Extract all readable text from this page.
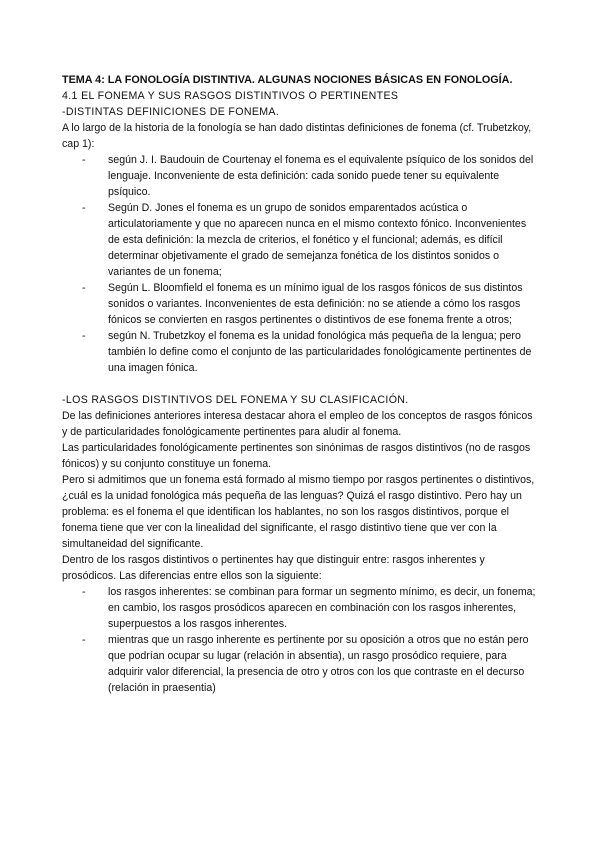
TEMA 4: LA FONOLOGÍA DISTINTIVA. ALGUNAS NOCIONES BÁSICAS EN FONOLOGÍA.

4.1 EL FONEMA Y SUS RASGOS DISTINTIVOS O PERTINENTES

-DISTINTAS DEFINICIONES DE FONEMA.

A lo largo de la historia de la fonología se han dado distintas definiciones de fonema (cf. Trubetzkoy, cap 1):

- según J. I. Baudouin de Courtenay el fonema es el equivalente psíquico de los sonidos del lenguaje. Inconveniente de esta definición: cada sonido puede tener su equivalente psíquico.
- Según D. Jones el fonema es un grupo de sonidos emparentados acústica o articulatoriamente y que no aparecen nunca en el mismo contexto fónico. Inconvenientes de esta definición: la mezcla de criterios, el fonético y el funcional; además, es difícil determinar objetivamente el grado de semejanza fonética de los distintos sonidos o variantes de un fonema;
- Según L. Bloomfield el fonema es un mínimo igual de los rasgos fónicos de sus distintos sonidos o variantes. Inconvenientes de esta definición: no se atiende a cómo los rasgos fónicos se convierten en rasgos pertinentes o distintivos de ese fonema frente a otros;
- según N. Trubetzkoy el fonema es la unidad fonológica más pequeña de la lengua; pero también lo define como el conjunto de las particularidades fonológicamente pertinentes de una imagen fónica.

-LOS RASGOS DISTINTIVOS DEL FONEMA Y SU CLASIFICACIÓN.

De las definiciones anteriores interesa destacar ahora el empleo de los conceptos de rasgos fónicos y de particularidades fonológicamente pertinentes para aludir al fonema.

Las particularidades fonológicamente pertinentes son sinónimas de rasgos distintivos (no de rasgos fónicos) y su conjunto constituye un fonema.

Pero si admitimos que un fonema está formado al mismo tiempo por rasgos pertinentes o distintivos, ¿cuál es la unidad fonológica más pequeña de las lenguas? Quizá el rasgo distintivo. Pero hay un problema: es el fonema el que identifican los hablantes, no son los rasgos distintivos, porque el fonema tiene que ver con la linealidad del significante, el rasgo distintivo tiene que ver con la simultaneidad del significante.

Dentro de los rasgos distintivos o pertinentes hay que distinguir entre: rasgos inherentes y prosódicos. Las diferencias entre ellos son la siguiente:

- los rasgos inherentes: se combinan para formar un segmento mínimo, es decir, un fonema; en cambio, los rasgos prosódicos aparecen en combinación con los rasgos inherentes, superpuestos a los rasgos inherentes.
- mientras que un rasgo inherente es pertinente por su oposición a otros que no están pero que podrían ocupar su lugar (relación in absentia), un rasgo prosódico requiere, para adquirir valor diferencial, la presencia de otro y otros con los que contraste en el decurso (relación in praesentia)
